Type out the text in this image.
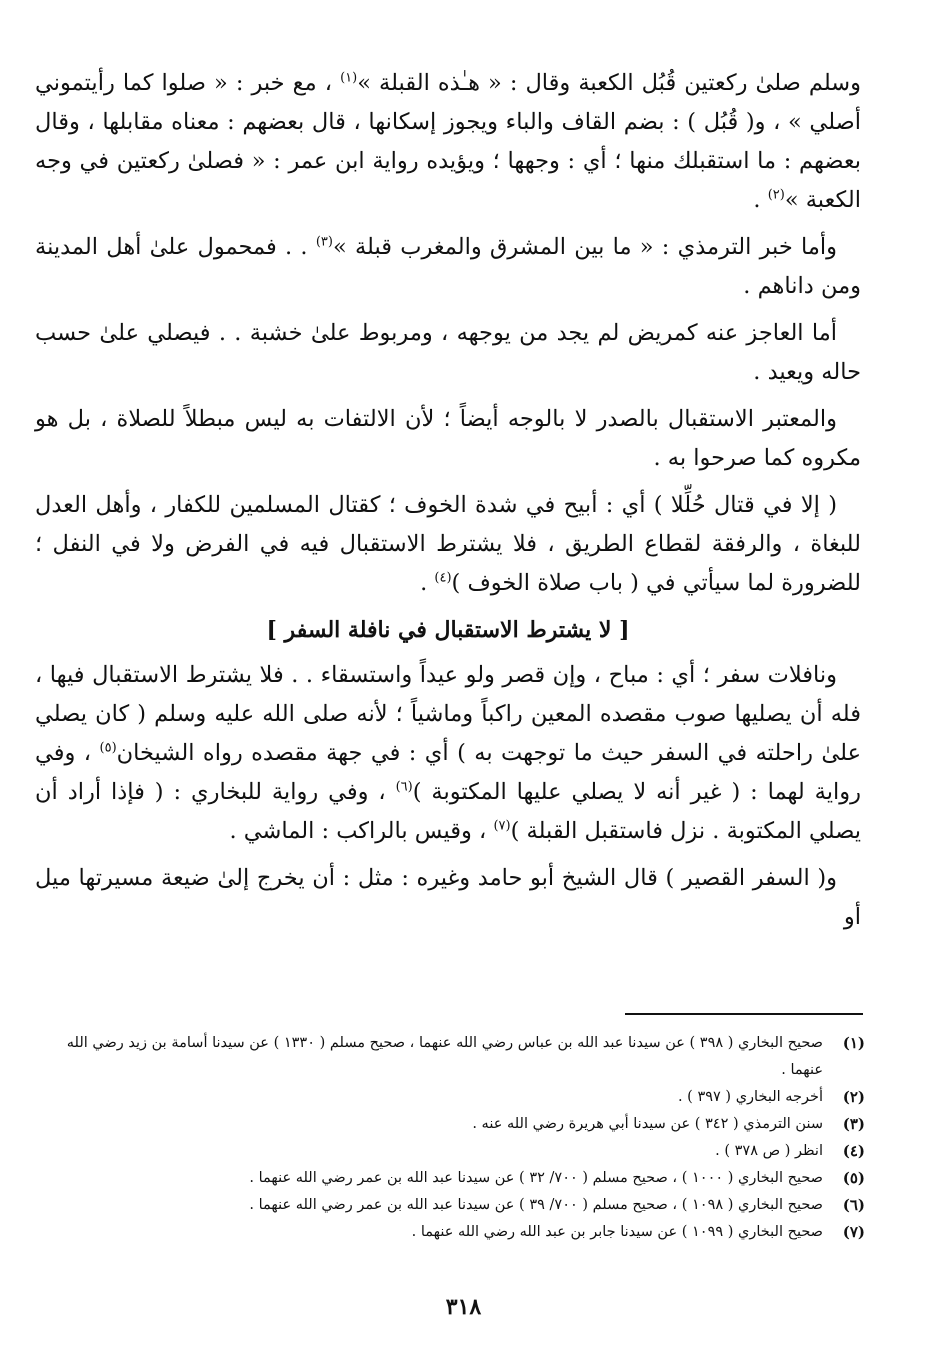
وسلم صلىٰ ركعتين قُبُل الكعبة وقال : « هـٰذه القبلة »$^{(١)}$ ، مع خبر : « صلوا كما رأيتموني أصلي » ، و( قُبُل ) : بضم القاف والباء ويجوز إسكانها ، قال بعضهم : معناه مقابلها ، وقال بعضهم : ما استقبلك منها ؛ أي : وجهها ؛ ويؤيده رواية ابن عمر : « فصلىٰ ركعتين في وجه الكعبة »$^{(٢)}$ .

وأما خبر الترمذي : « ما بين المشرق والمغرب قبلة »$^{(٣)}$ . . فمحمول علىٰ أهل المدينة ومن داناهم .

أما العاجز عنه كمريض لم يجد من يوجهه ، ومربوط علىٰ خشبة . . فيصلي علىٰ حسب حاله ويعيد .

والمعتبر الاستقبال بالصدر لا بالوجه أيضاً ؛ لأن الالتفات به ليس مبطلاً للصلاة ، بل هو مكروه كما صرحوا به .

( إلا في قتال حُلِّلا ) أي : أبيح في شدة الخوف ؛ كقتال المسلمين للكفار ، وأهل العدل للبغاة ، والرفقة لقطاع الطريق ، فلا يشترط الاستقبال فيه في الفرض ولا في النفل ؛ للضرورة لما سيأتي في ( باب صلاة الخوف )$^{(٤)}$ .

[ لا يشترط الاستقبال في نافلة السفر ]

ونافلات سفر ؛ أي : مباح ، وإن قصر ولو عيداً واستسقاء . . فلا يشترط الاستقبال فيها ، فله أن يصليها صوب مقصده المعين راكباً وماشياً ؛ لأنه صلى الله عليه وسلم ( كان يصلي علىٰ راحلته في السفر حيث ما توجهت به ) أي : في جهة مقصده رواه الشيخان$^{(٥)}$ ، وفي رواية لهما : ( غير أنه لا يصلي عليها المكتوبة )$^{(٦)}$ ، وفي رواية للبخاري : ( فإذا أراد أن يصلي المكتوبة . نزل فاستقبل القبلة )$^{(٧)}$ ، وقيس بالراكب : الماشي .

و( السفر القصير ) قال الشيخ أبو حامد وغيره : مثل : أن يخرج إلىٰ ضيعة مسيرتها ميل أو

(١)
صحيح البخاري ( ٣٩٨ ) عن سيدنا عبد الله بن عباس رضي الله عنهما ، صحيح مسلم ( ١٣٣٠ ) عن سيدنا أسامة بن زيد رضي الله عنهما .
(٢)
أخرجه البخاري ( ٣٩٧ ) .
(٣)
سنن الترمذي ( ٣٤٢ ) عن سيدنا أبي هريرة رضي الله عنه .
(٤)
انظر ( ص ٣٧٨ ) .
(٥)
صحيح البخاري ( ١٠٠٠ ) ، صحيح مسلم ( ٧٠٠/ ٣٢ ) عن سيدنا عبد الله بن عمر رضي الله عنهما .
(٦)
صحيح البخاري ( ١٠٩٨ ) ، صحيح مسلم ( ٧٠٠/ ٣٩ ) عن سيدنا عبد الله بن عمر رضي الله عنهما .
(٧)
صحيح البخاري ( ١٠٩٩ ) عن سيدنا جابر بن عبد الله رضي الله عنهما .
٣١٨
